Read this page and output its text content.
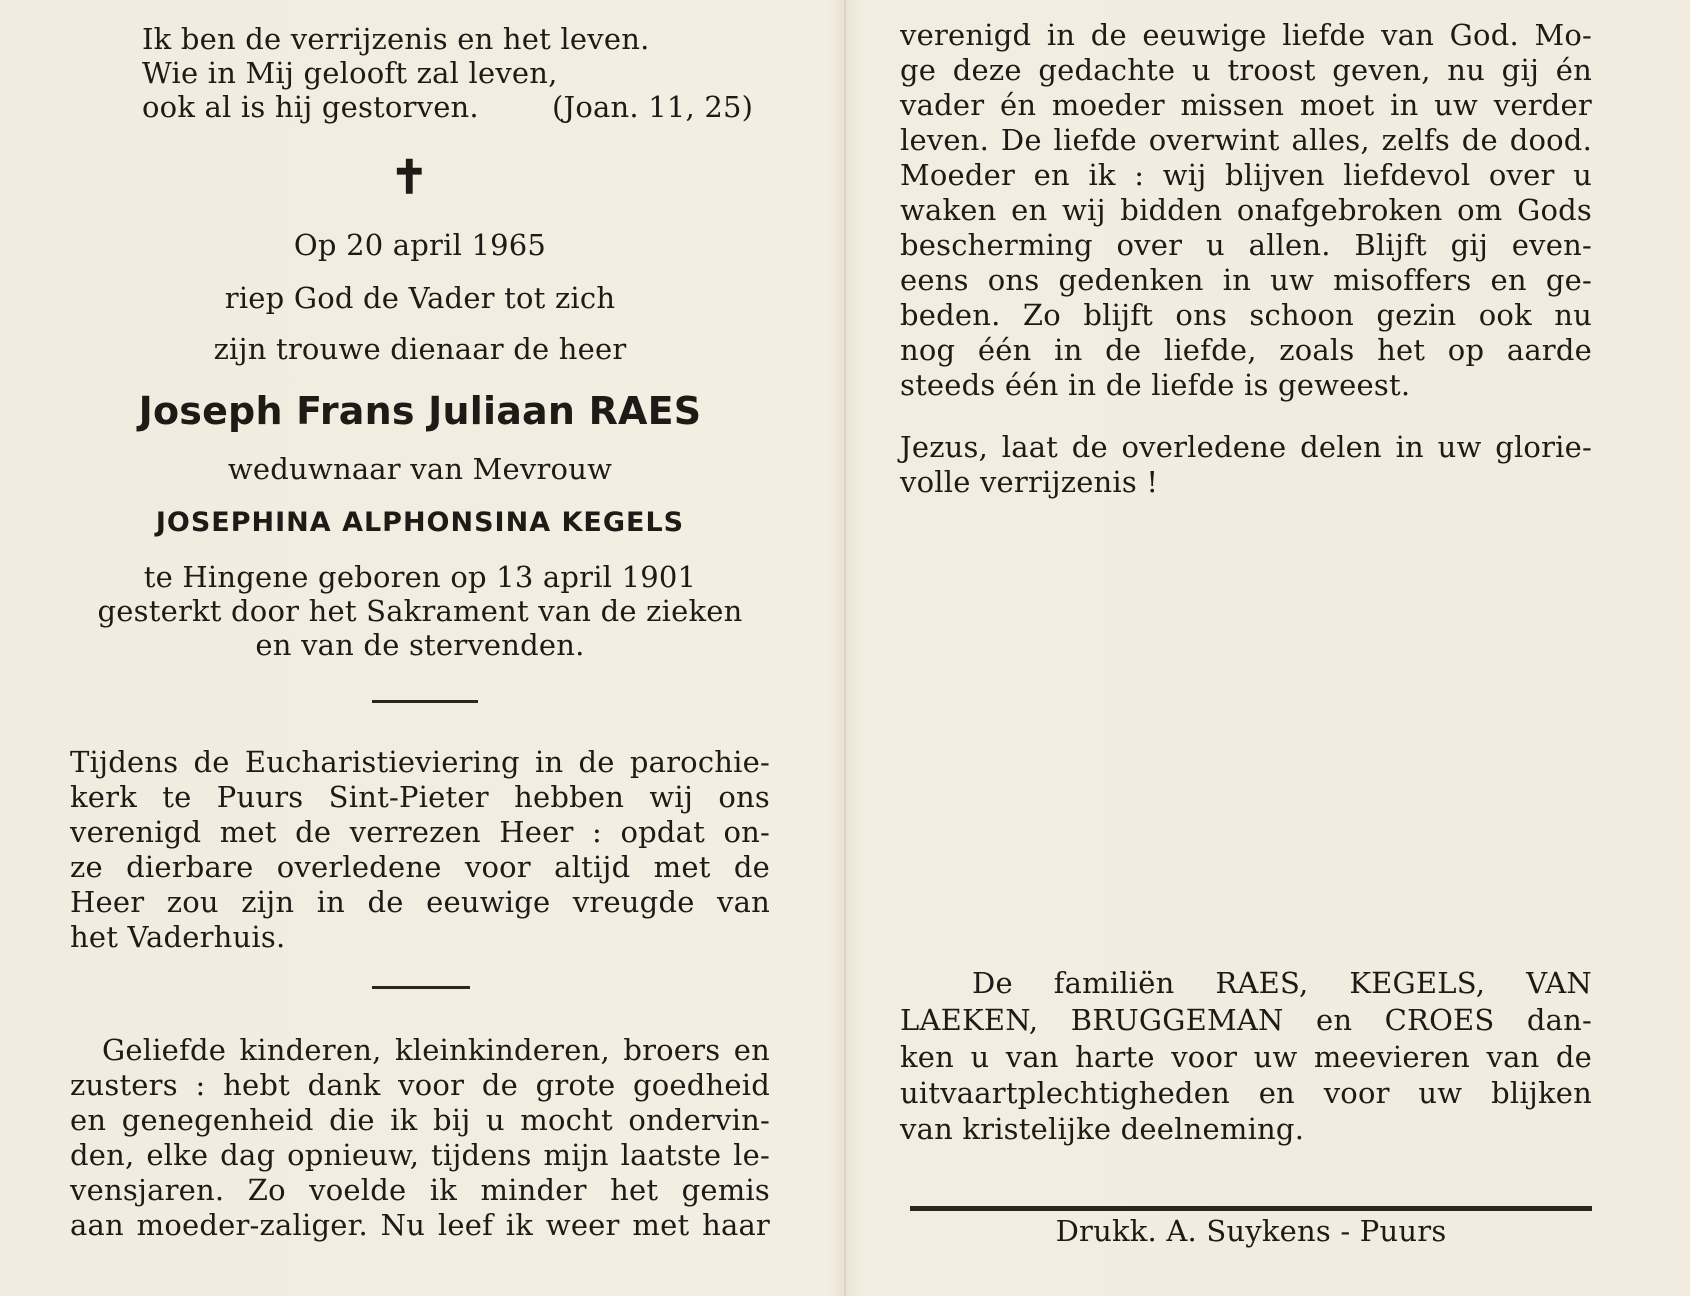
Ik ben de verrijzenis en het leven.
Wie in Mij gelooft zal leven,
ook al is hij gestorven.	(Joan. 11, 25)
✝
Op 20 april 1965
riep God de Vader tot zich
zijn trouwe dienaar de heer
Joseph Frans Juliaan RAES
weduwnaar van Mevrouw
JOSEPHINA ALPHONSINA KEGELS
te Hingene geboren op 13 april 1901
gesterkt door het Sakrament van de zieken
en van de stervenden.
Tijdens de Eucharistieviering in de parochie-
kerk te Puurs Sint-Pieter hebben wij ons
verenigd met de verrezen Heer : opdat on-
ze dierbare overledene voor altijd met de
Heer zou zijn in de eeuwige vreugde van
het Vaderhuis.
Geliefde kinderen, kleinkinderen, broers en
zusters : hebt dank voor de grote goedheid
en genegenheid die ik bij u mocht ondervin-
den, elke dag opnieuw, tijdens mijn laatste le-
vensjaren. Zo voelde ik minder het gemis
aan moeder-zaliger. Nu leef ik weer met haar
verenigd in de eeuwige liefde van God. Mo-
ge deze gedachte u troost geven, nu gij én
vader én moeder missen moet in uw verder
leven. De liefde overwint alles, zelfs de dood.
Moeder en ik : wij blijven liefdevol over u
waken en wij bidden onafgebroken om Gods
bescherming over u allen. Blijft gij even-
eens ons gedenken in uw misoffers en ge-
beden. Zo blijft ons schoon gezin ook nu
nog één in de liefde, zoals het op aarde
steeds één in de liefde is geweest.
Jezus, laat de overledene delen in uw glorie-
volle verrijzenis !
De familiën RAES, KEGELS, VAN
LAEKEN, BRUGGEMAN en CROES dan-
ken u van harte voor uw meevieren van de
uitvaartplechtigheden en voor uw blijken
van kristelijke deelneming.
Drukk. A. Suykens - Puurs
